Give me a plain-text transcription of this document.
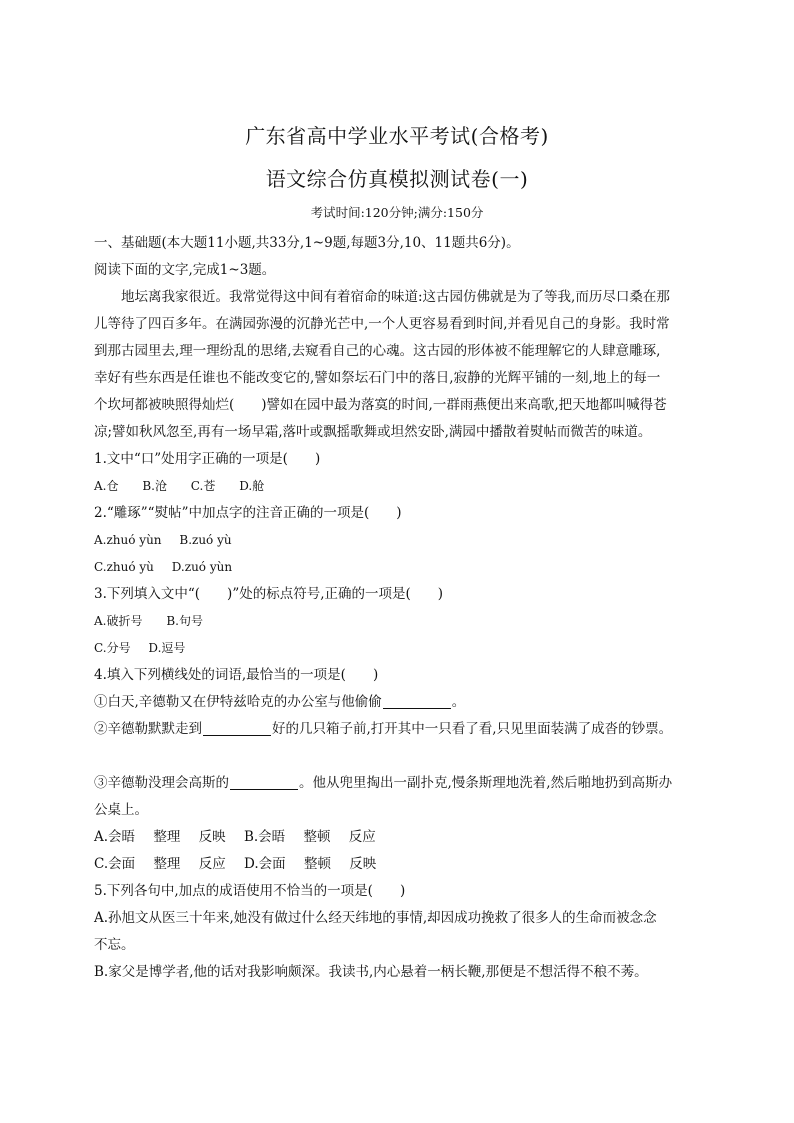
广东省高中学业水平考试(合格考)
语文综合仿真模拟测试卷(一)
考试时间:120分钟;满分:150分
一、基础题(本大题11小题,共33分,1~9题,每题3分,10、11题共6分)。
阅读下面的文字,完成1~3题。
地坛离我家很近。我常觉得这中间有着宿命的味道:这古园仿佛就是为了等我,而历尽口桑在那
儿等待了四百多年。在满园弥漫的沉静光芒中,一个人更容易看到时间,并看见自己的身影。我时常
到那古园里去,理一理纷乱的思绪,去窥看自己的心魂。这古园的形体被不能理解它的人肆意雕琢,
幸好有些东西是任谁也不能改变它的,譬如祭坛石门中的落日,寂静的光辉平铺的一刻,地上的每一
个坎坷都被映照得灿烂(　　)譬如在园中最为落寞的时间,一群雨燕便出来高歌,把天地都叫喊得苍
凉;譬如秋风忽至,再有一场早霜,落叶或飘摇歌舞或坦然安卧,满园中播散着熨帖而微苦的味道。
1.文中“口”处用字正确的一项是(　　)
A.仓 B.沧 C.苍 D.舱
2.“雕琢”“熨帖”中加点字的注音正确的一项是(　　)
A.zhuó yùn B.zuó yù
C.zhuó yù D.zuó yùn
3.下列填入文中“(　　)”处的标点符号,正确的一项是(　　)
A.破折号 B.句号
C.分号 D.逗号
4.填入下列横线处的词语,最恰当的一项是(　　)
①白天,辛德勒又在伊特兹哈克的办公室与他偷偷	。
②辛德勒默默走到	好的几只箱子前,打开其中一只看了看,只见里面装满了成沓的钞票。
③辛德勒没理会高斯的	。他从兜里掏出一副扑克,慢条斯理地洗着,然后啪地扔到高斯办
公桌上。
A.会晤 整理 反映 B.会晤 整顿 反应
C.会面 整理 反应 D.会面 整顿 反映
5.下列各句中,加点的成语使用不恰当的一项是(　　)
A.孙旭文从医三十年来,她没有做过什么经天纬地的事情,却因成功挽救了很多人的生命而被念念
不忘。
B.家父是博学者,他的话对我影响颇深。我读书,内心悬着一柄长鞭,那便是不想活得不稂不莠。
